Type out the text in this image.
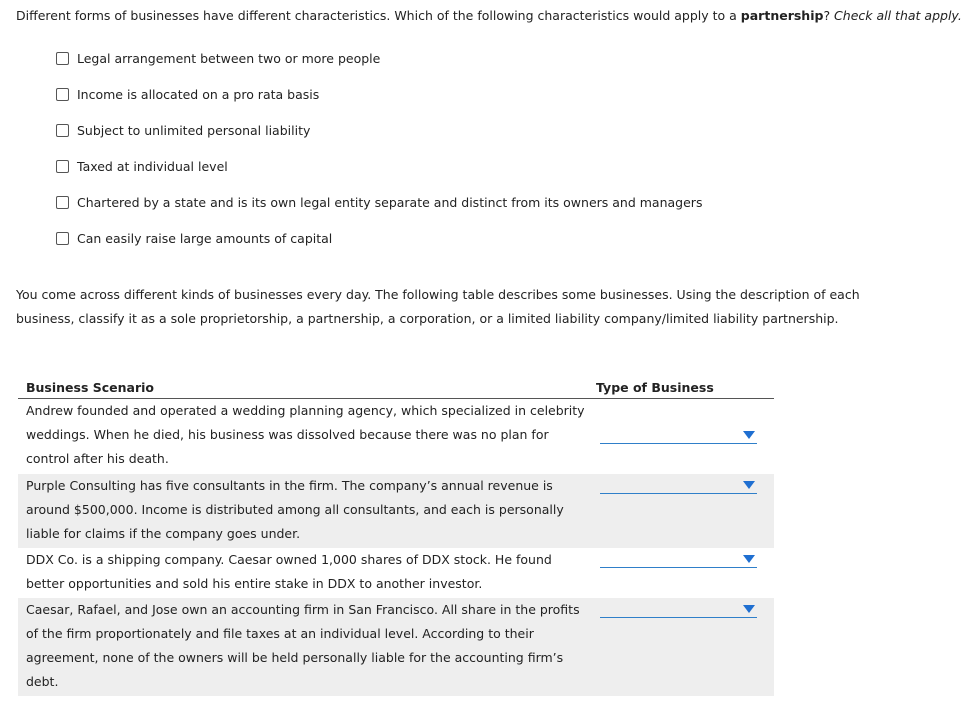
Different forms of businesses have different characteristics. Which of the following characteristics would apply to a partnership? Check all that apply.
Legal arrangement between two or more people
Income is allocated on a pro rata basis
Subject to unlimited personal liability
Taxed at individual level
Chartered by a state and is its own legal entity separate and distinct from its owners and managers
Can easily raise large amounts of capital
You come across different kinds of businesses every day. The following table describes some businesses. Using the description of each business, classify it as a sole proprietorship, a partnership, a corporation, or a limited liability company/limited liability partnership.
Business Scenario	Type of Business
Andrew founded and operated a wedding planning agency, which specialized in celebrity weddings. When he died, his business was dissolved because there was no plan for control after his death.
Purple Consulting has five consultants in the firm. The company’s annual revenue is around $500,000. Income is distributed among all consultants, and each is personally liable for claims if the company goes under.
DDX Co. is a shipping company. Caesar owned 1,000 shares of DDX stock. He found better opportunities and sold his entire stake in DDX to another investor.
Caesar, Rafael, and Jose own an accounting firm in San Francisco. All share in the profits of the firm proportionately and file taxes at an individual level. According to their agreement, none of the owners will be held personally liable for the accounting firm’s debt.
